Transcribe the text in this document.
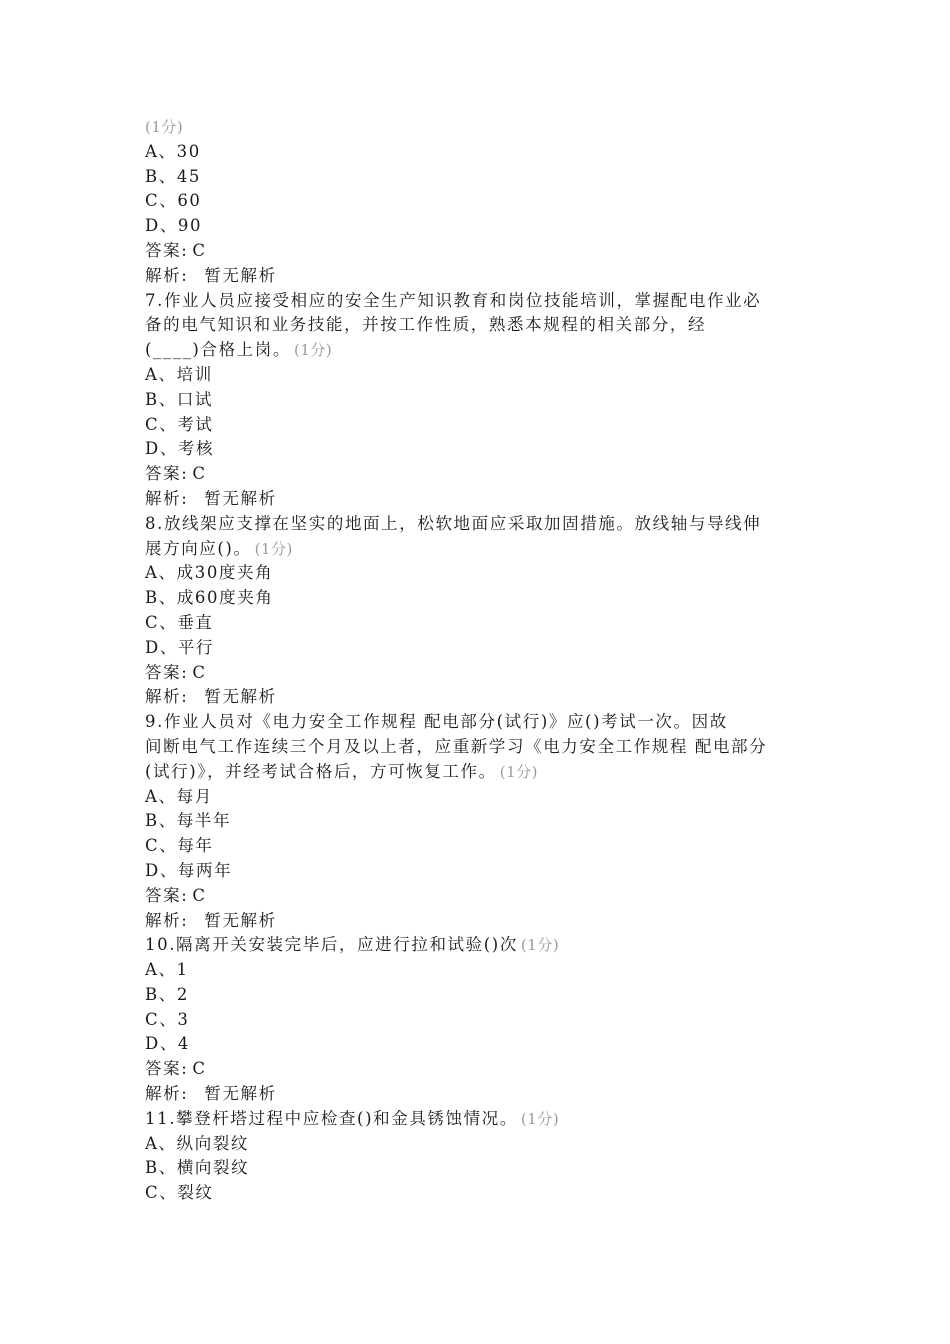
(1分)

A、30

B、45

C、60

D、90

答案: C

解析: 暂无解析

7.作业人员应接受相应的安全生产知识教育和岗位技能培训，掌握配电作业必

备的电气知识和业务技能，并按工作性质，熟悉本规程的相关部分，经

(____)合格上岗。 (1分)

A、培训

B、口试

C、考试

D、考核

答案: C

解析: 暂无解析

8.放线架应支撑在坚实的地面上，松软地面应采取加固措施。放线轴与导线伸

展方向应()。 (1分)

A、成30度夹角

B、成60度夹角

C、垂直

D、平行

答案: C

解析: 暂无解析

9.作业人员对《电力安全工作规程 配电部分(试行)》应()考试一次。因故

间断电气工作连续三个月及以上者，应重新学习《电力安全工作规程 配电部分

(试行)》，并经考试合格后，方可恢复工作。 (1分)

A、每月

B、每半年

C、每年

D、每两年

答案: C

解析: 暂无解析

10.隔离开关安装完毕后，应进行拉和试验()次 (1分)

A、1

B、2

C、3

D、4

答案: C

解析: 暂无解析

11.攀登杆塔过程中应检查()和金具锈蚀情况。 (1分)

A、纵向裂纹

B、横向裂纹

C、裂纹
